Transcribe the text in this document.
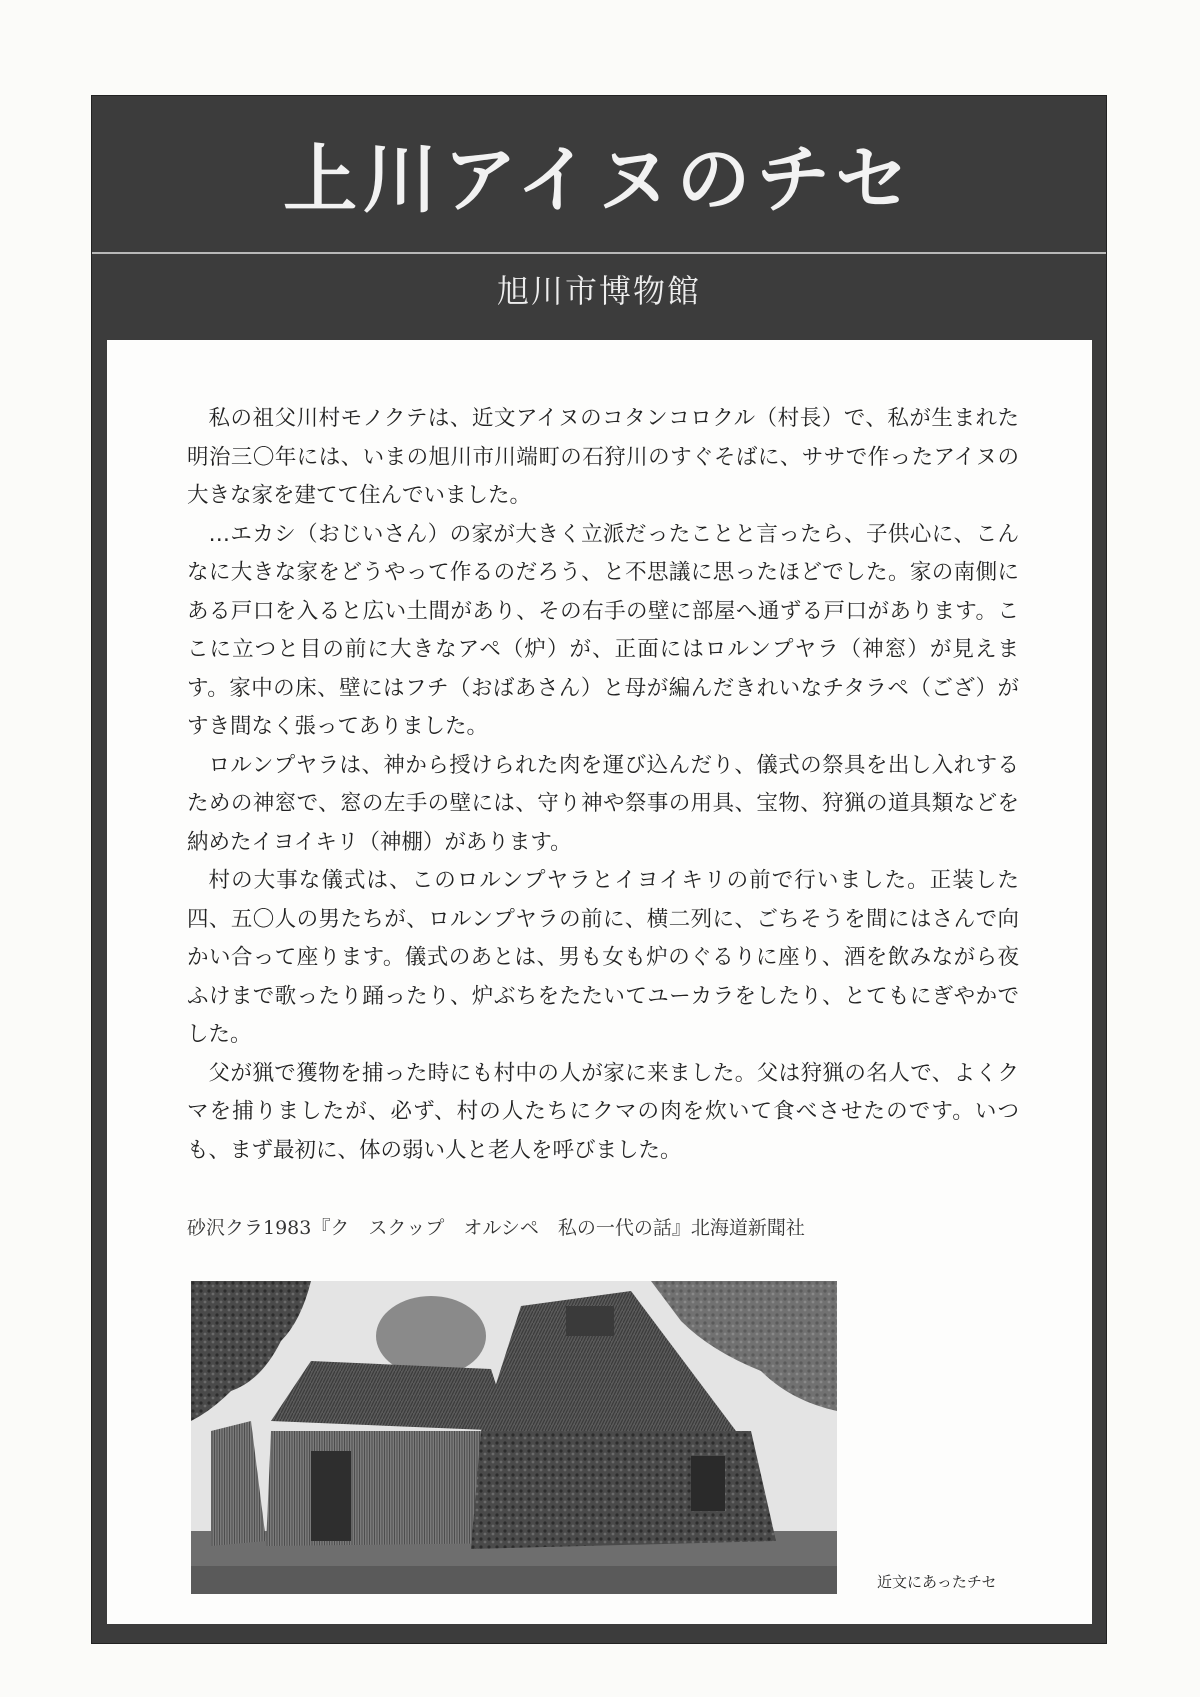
上川アイヌのチセ
旭川市博物館

私の祖父川村モノクテは、近文アイヌのコタンコロクル（村長）で、私が生まれた明治三〇年には、いまの旭川市川端町の石狩川のすぐそばに、ササで作ったアイヌの大きな家を建てて住んでいました。

…エカシ（おじいさん）の家が大きく立派だったことと言ったら、子供心に、こんなに大きな家をどうやって作るのだろう、と不思議に思ったほどでした。家の南側にある戸口を入ると広い土間があり、その右手の壁に部屋へ通ずる戸口があります。ここに立つと目の前に大きなアペ（炉）が、正面にはロルンプヤラ（神窓）が見えます。家中の床、壁にはフチ（おばあさん）と母が編んだきれいなチタラペ（ござ）がすき間なく張ってありました。

ロルンプヤラは、神から授けられた肉を運び込んだり、儀式の祭具を出し入れするための神窓で、窓の左手の壁には、守り神や祭事の用具、宝物、狩猟の道具類などを納めたイヨイキリ（神棚）があります。

村の大事な儀式は、このロルンプヤラとイヨイキリの前で行いました。正装した四、五〇人の男たちが、ロルンプヤラの前に、横二列に、ごちそうを間にはさんで向かい合って座ります。儀式のあとは、男も女も炉のぐるりに座り、酒を飲みながら夜ふけまで歌ったり踊ったり、炉ぶちをたたいてユーカラをしたり、とてもにぎやかでした。

父が猟で獲物を捕った時にも村中の人が家に来ました。父は狩猟の名人で、よくクマを捕りましたが、必ず、村の人たちにクマの肉を炊いて食べさせたのです。いつも、まず最初に、体の弱い人と老人を呼びました。

砂沢クラ1983『ク　スクップ　オルシペ　私の一代の話』北海道新聞社
近文にあったチセ
